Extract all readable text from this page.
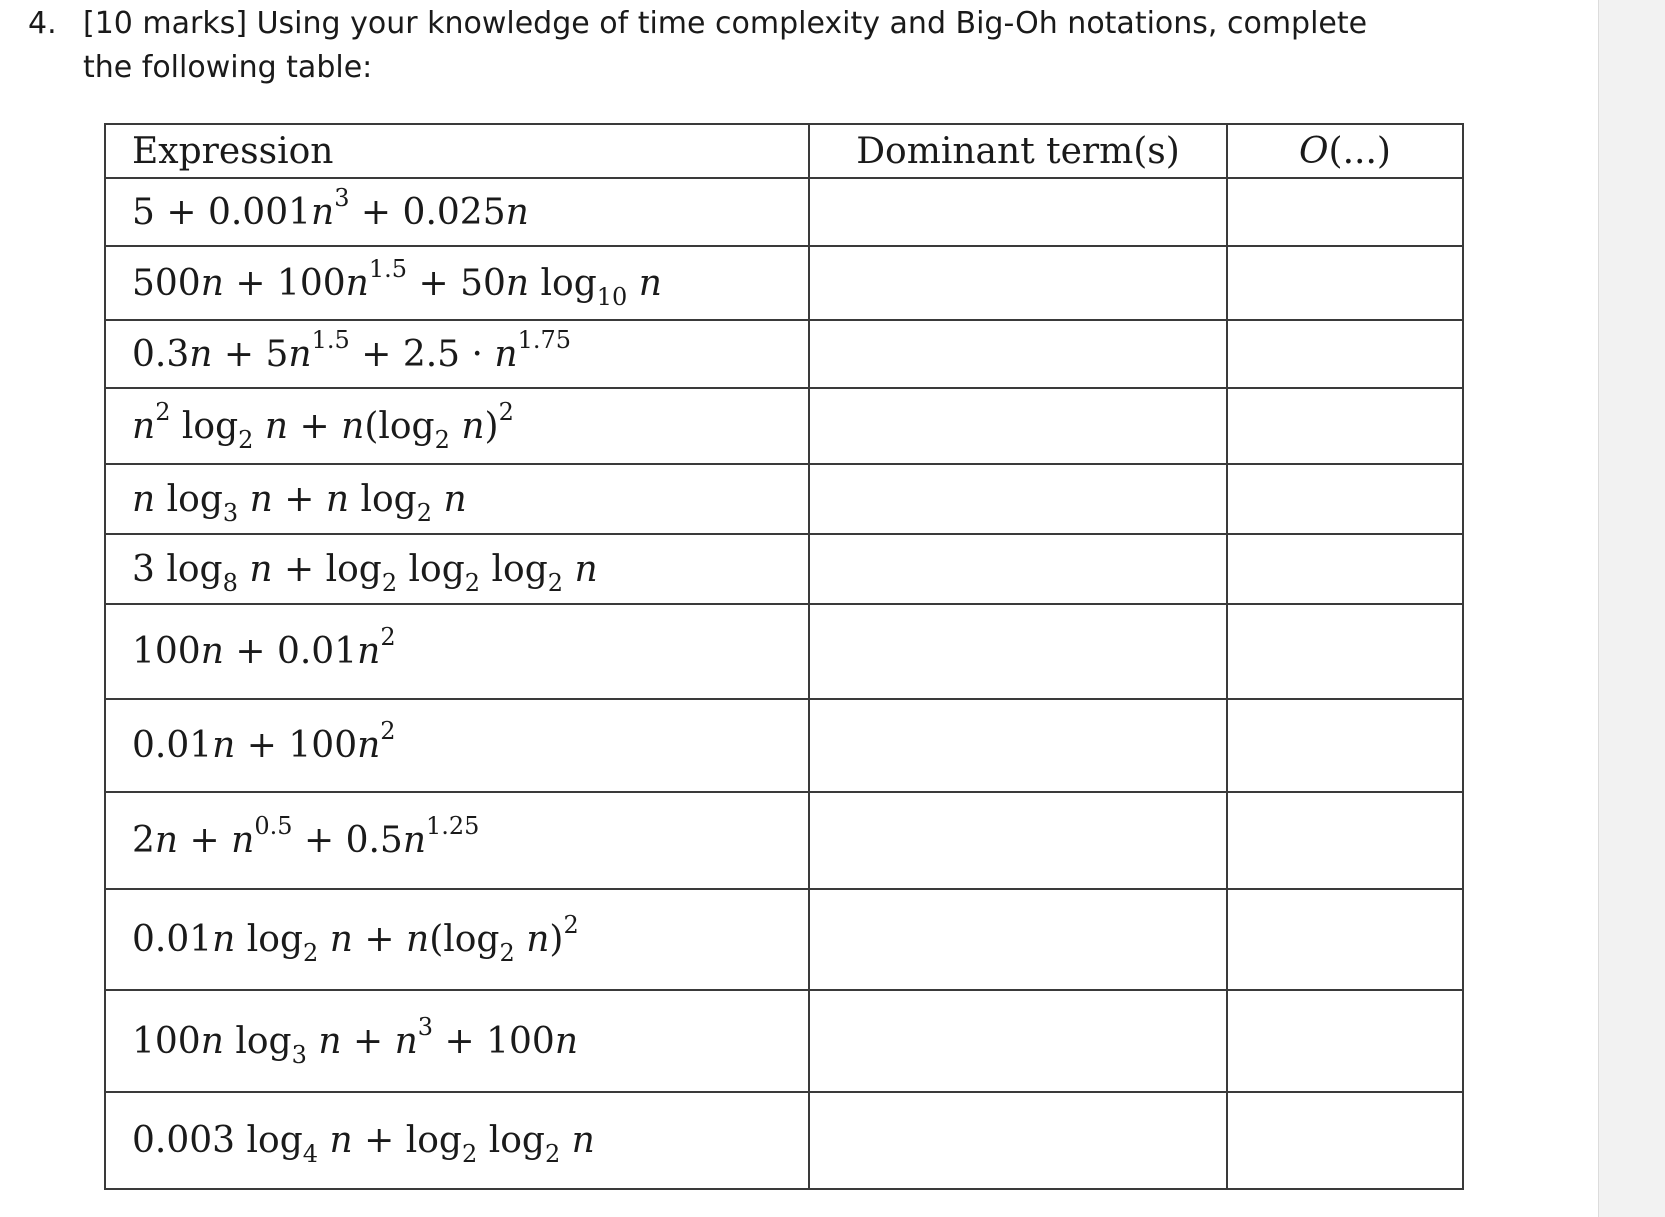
4. [10 marks] Using your knowledge of time complexity and Big-Oh notations, complete the following table:
Expression	Dominant term(s)	O(...)
$5 + 0.001n^3 + 0.025n$		
$500n + 100n^{1.5} + 50n$ $\log_{10} n$		
$0.3n + 5n^{1.5} + 2.5 \cdot n^{1.75}$		
$n^2$ $\log_2 n + n(\log_2$ n)$^2$		
n $\log_3 n + n$ $\log_2 n$		
3 $\log_8 n + \log_2 \log_2 \log_2 n$		
$100n + 0.01n^2$		
$0.01n + 100n^2$		
$2n + n^{0.5} + 0.5n^{1.25}$		
0.01n $\log_2 n + n(\log_2$ n)$^2$		
100n $\log_3 n + n^3 + 100n$		
0.003 $\log_4 n + \log_2 \log_2 n$		
